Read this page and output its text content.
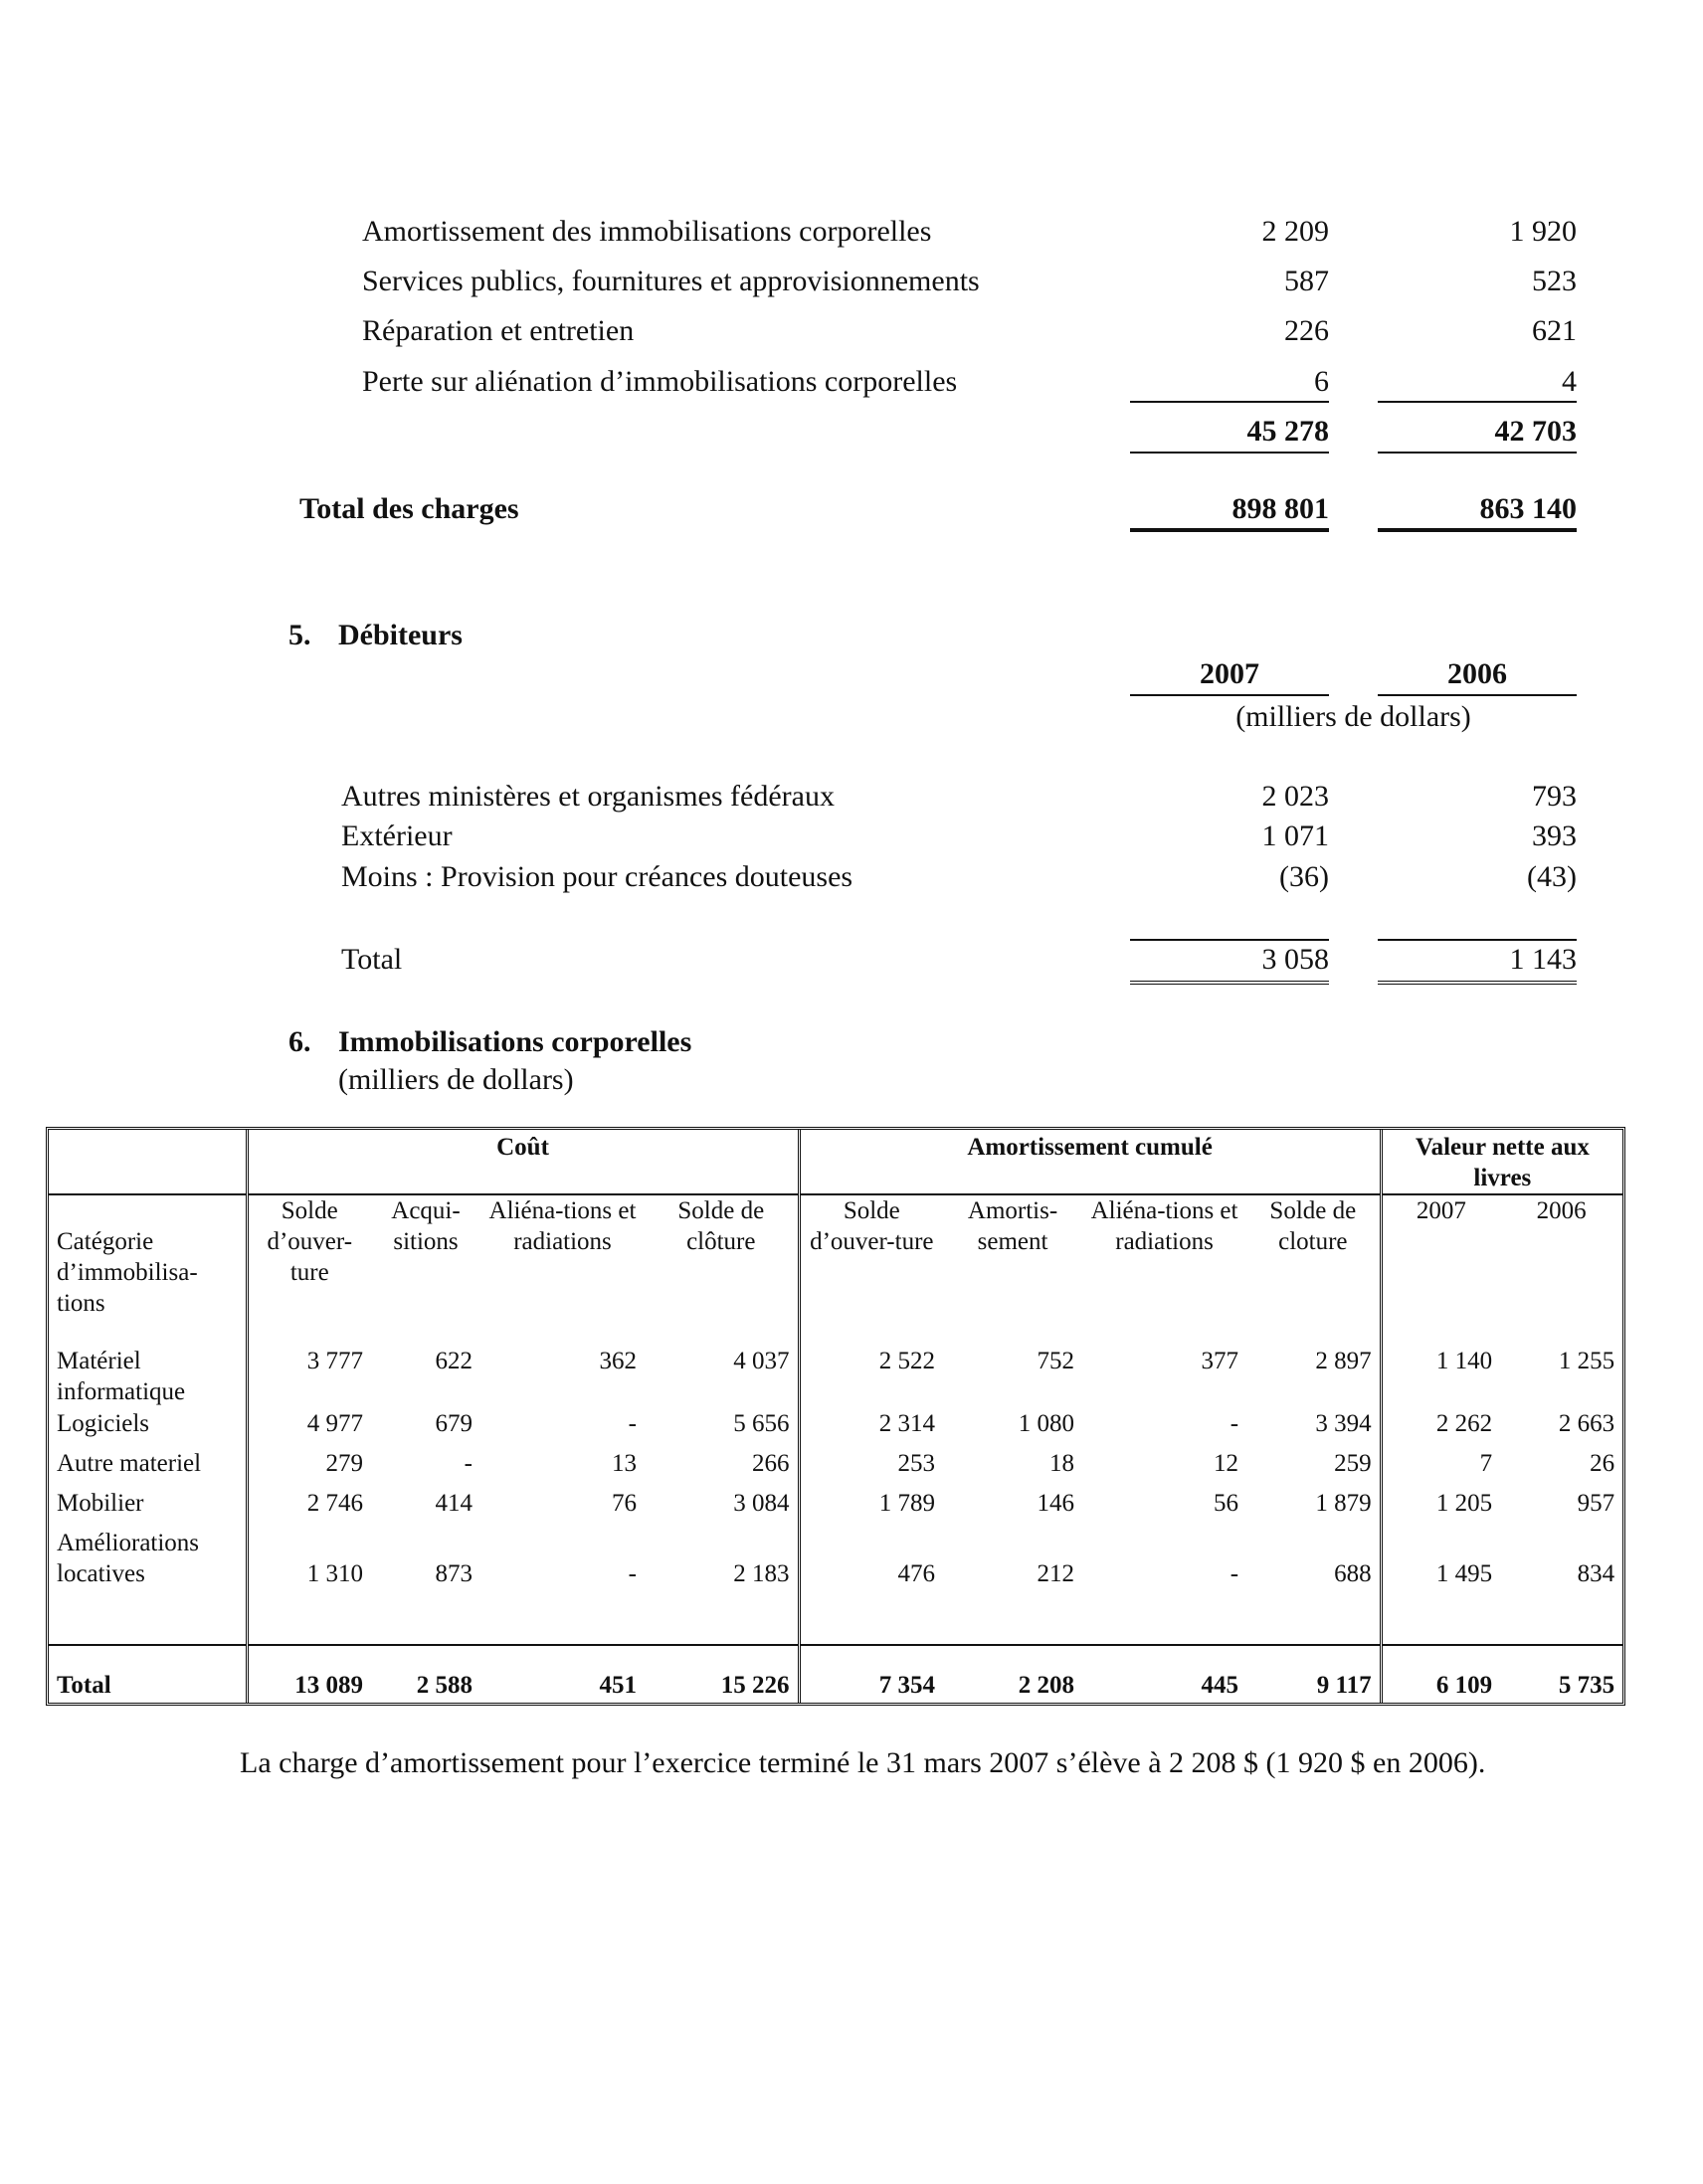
Amortissement des immobilisations corporelles	2 209	1 920
Services publics, fournitures et approvisionnements	587	523
Réparation et entretien	226	621
Perte sur aliénation d’immobilisations corporelles	6	4
45 278	42 703
Total des charges	898 801	863 140
5. Débiteurs
2007	2006
(milliers de dollars)
Autres ministères et organismes fédéraux	2 023	793
Extérieur	1 071	393
Moins : Provision pour créances douteuses	(36)	(43)
Total	3 058	1 143
6. Immobilisations corporelles
(milliers de dollars)
	Coût				Amortissement cumulé				Valeur nette aux livres	
Catégorie d’immobilisa-tions	Solde d’ouver-ture	Acqui-sitions	Aliéna-tions et radiations	Solde de clôture	Solde d’ouver-ture	Amortis-sement	Aliéna-tions et radiations	Solde de cloture	2007	2006
Matériel informatique	3 777	622	362	4 037	2 522	752	377	2 897	1 140	1 255
Logiciels	4 977	679	-	5 656	2 314	1 080	-	3 394	2 262	2 663
Autre materiel	279	-	13	266	253	18	12	259	7	26
Mobilier	2 746	414	76	3 084	1 789	146	56	1 879	1 205	957
Améliorations locatives	1 310	873	-	2 183	476	212	-	688	1 495	834
Total	13 089	2 588	451	15 226	7 354	2 208	445	9 117	6 109	5 735
La charge d’amortissement pour l’exercice terminé le 31 mars 2007 s’élève à 2 208 $ (1 920 $ en 2006).
